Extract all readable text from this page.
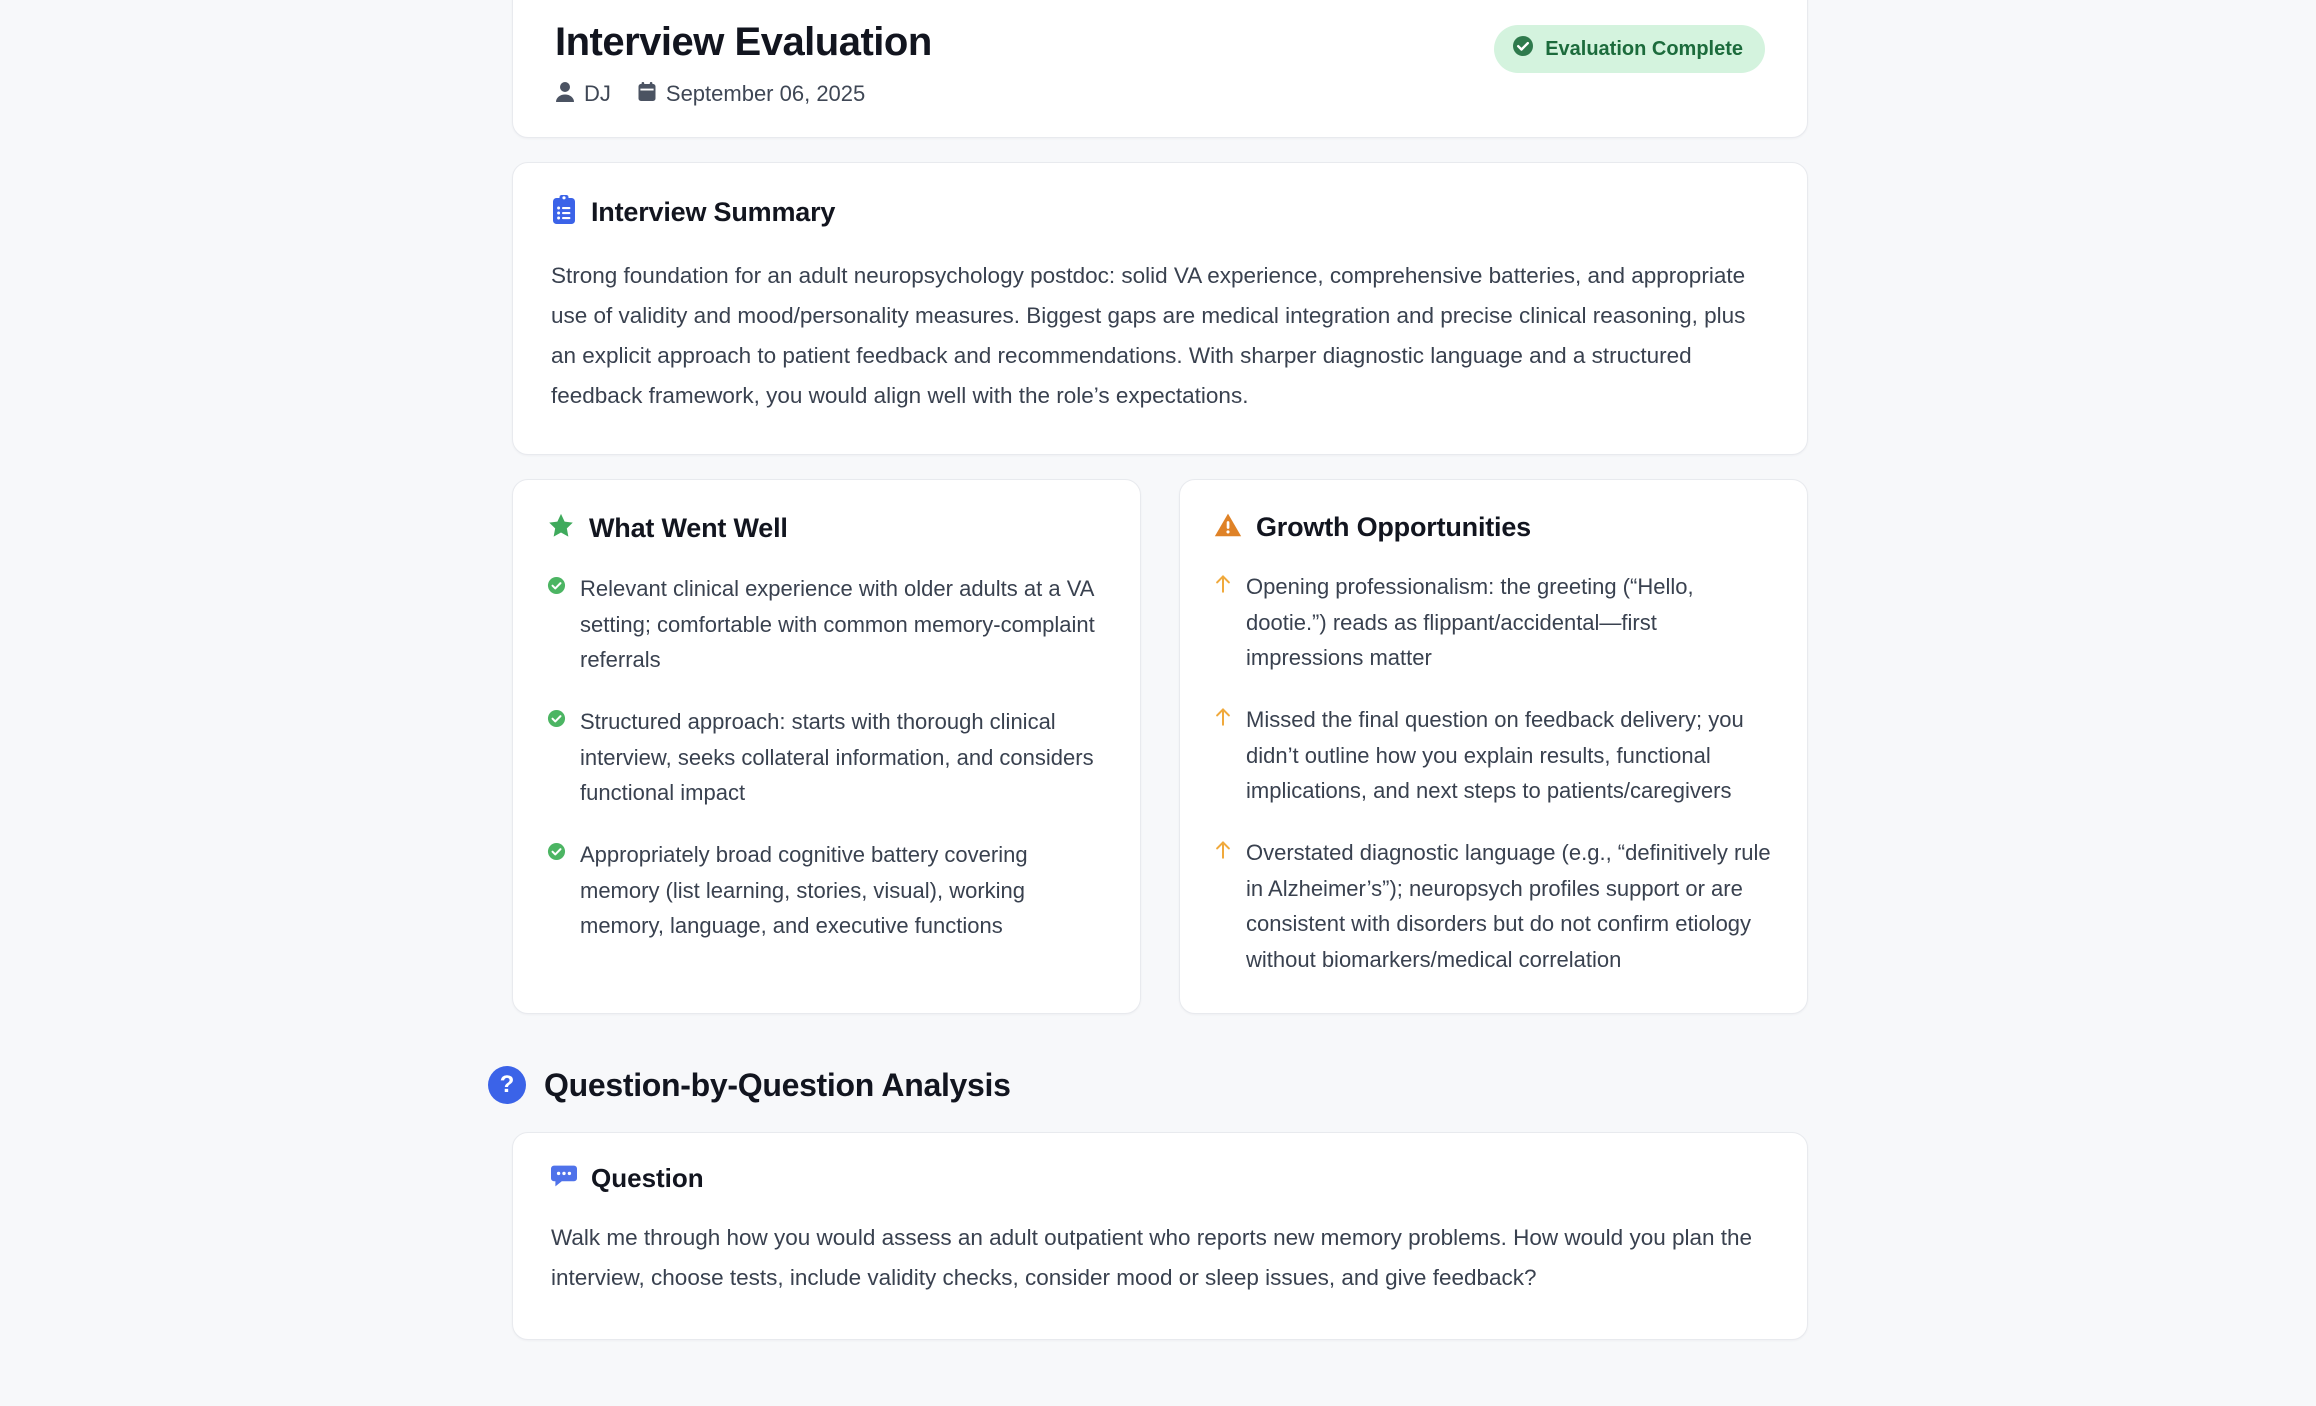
Interview Evaluation
DJ	September 06, 2025
Evaluation Complete
Interview Summary

Strong foundation for an adult neuropsychology postdoc: solid VA experience, comprehensive batteries, and appropriate use of validity and mood/personality measures. Biggest gaps are medical integration and precise clinical reasoning, plus an explicit approach to patient feedback and recommendations. With sharper diagnostic language and a structured feedback framework, you would align well with the role’s expectations.

What Went Well
Relevant clinical experience with older adults at a VA setting; comfortable with common memory-complaint referrals
Structured approach: starts with thorough clinical interview, seeks collateral information, and considers functional impact
Appropriately broad cognitive battery covering memory (list learning, stories, visual), working memory, language, and executive functions
Growth Opportunities
Opening professionalism: the greeting (“Hello, dootie.”) reads as flippant/accidental—first impressions matter
Missed the final question on feedback delivery; you didn’t outline how you explain results, functional implications, and next steps to patients/caregivers
Overstated diagnostic language (e.g., “definitively rule in Alzheimer’s”); neuropsych profiles support or are consistent with disorders but do not confirm etiology without biomarkers/medical correlation
? Question-by-Question Analysis
Question

Walk me through how you would assess an adult outpatient who reports new memory problems. How would you plan the interview, choose tests, include validity checks, consider mood or sleep issues, and give feedback?
